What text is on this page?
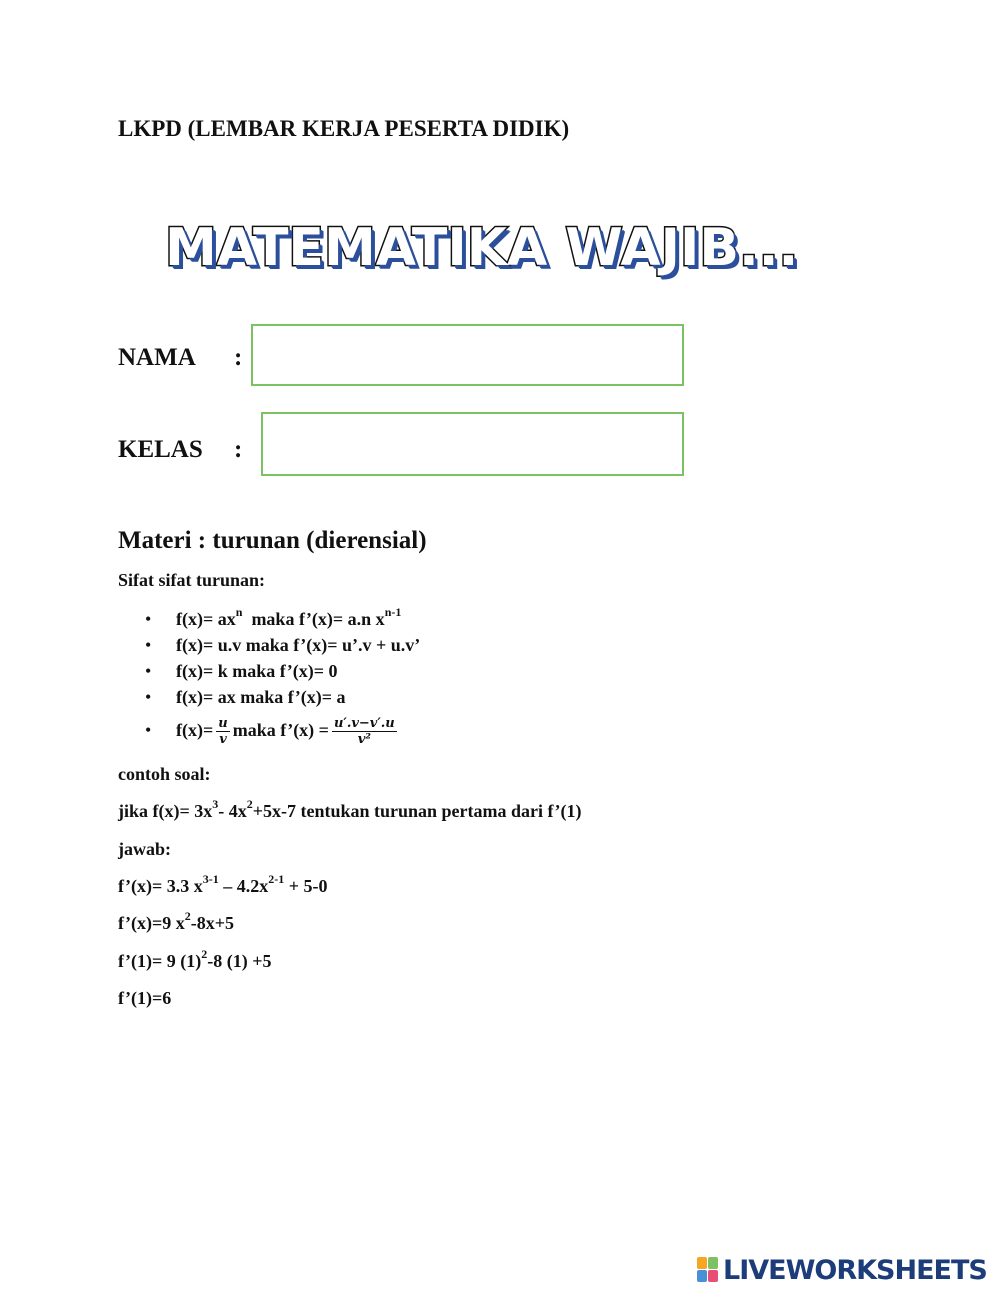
LKPD (LEMBAR KERJA PESERTA DIDIK)
MATEMATIKA WAJIB...
NAMA :
KELAS :
Materi : turunan (dierensial)
Sifat sifat turunan:
• $f(x)= ax^n$  maka f’(x)= a.n $x^{n-1}$
• f(x)= u.v maka f’(x)= u’.v + u.v’
• f(x)= k maka f’(x)= 0
• f(x)= ax maka f’(x)= a
• $f(x)= \frac{u}{v}$ maka f’(x) = $\frac{u'.v-v'.u}{\text{v²}}$
contoh soal:
jika $f(x)= 3x^3-$ $4x^2+5x-7$ tentukan turunan pertama dari f’(1)
jawab:
f’(x)= 3.3 $x^{3-1} - 4.2x^{2-1} + 5-0$
f’(x)=9 $x^2-8x+5$
f’(1)= 9 $(1)^2-8$ (1) +5
f’(1)=6
LIVEWORKSHEETS
